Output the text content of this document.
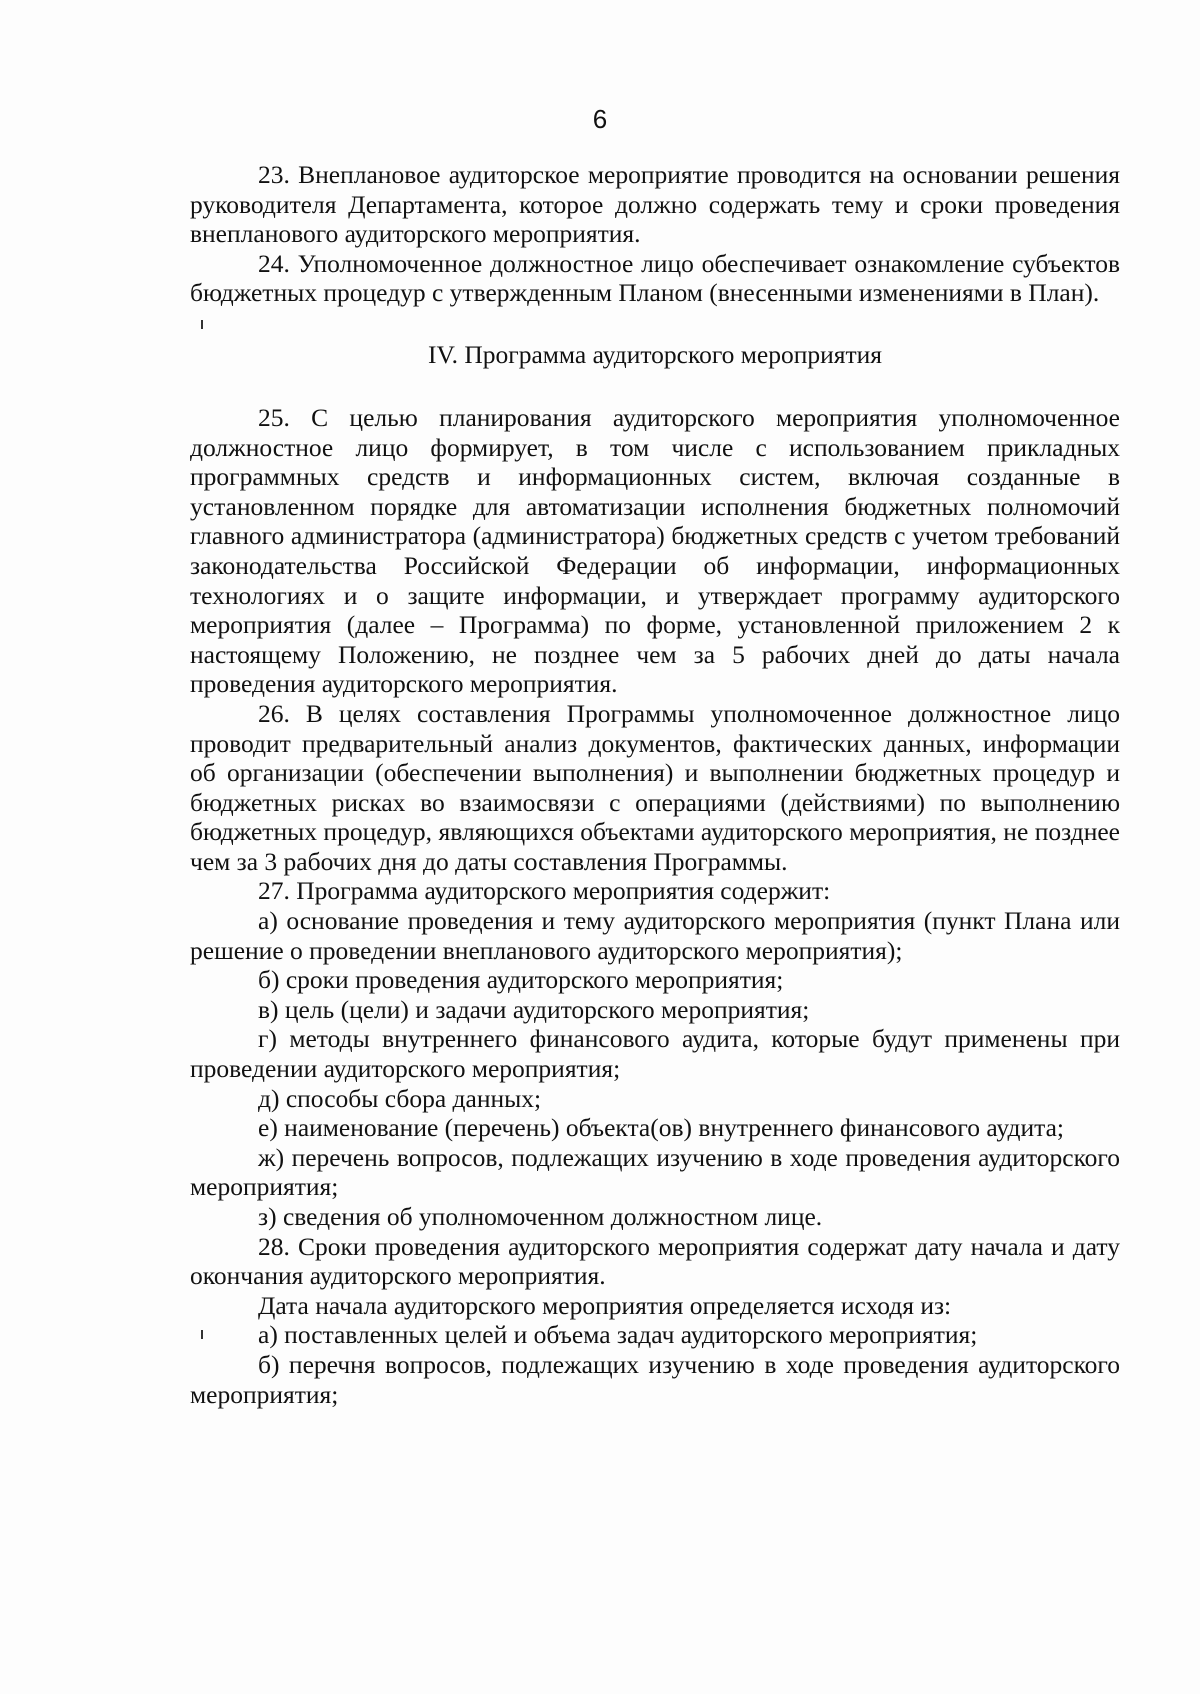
6

23. Внеплановое аудиторское мероприятие проводится на основании решения руководителя Департамента, которое должно содержать тему и сроки проведения внепланового аудиторского мероприятия.

24. Уполномоченное должностное лицо обеспечивает ознакомление субъектов бюджетных процедур с утвержденным Планом (внесенными изменениями в План).

IV. Программа аудиторского мероприятия

25. С целью планирования аудиторского мероприятия уполномоченное должностное лицо формирует, в том числе с использованием прикладных программных средств и информационных систем, включая созданные в установленном порядке для автоматизации исполнения бюджетных полномочий главного администратора (администратора) бюджетных средств с учетом требований законодательства Российской Федерации об информации, информационных технологиях и о защите информации, и утверждает программу аудиторского мероприятия (далее – Программа) по форме, установленной приложением 2 к настоящему Положению, не позднее чем за 5 рабочих дней до даты начала проведения аудиторского мероприятия.

26. В целях составления Программы уполномоченное должностное лицо проводит предварительный анализ документов, фактических данных, информации об организации (обеспечении выполнения) и выполнении бюджетных процедур и бюджетных рисках во взаимосвязи с операциями (действиями) по выполнению бюджетных процедур, являющихся объектами аудиторского мероприятия, не позднее чем за 3 рабочих дня до даты составления Программы.

27. Программа аудиторского мероприятия содержит:

а) основание проведения и тему аудиторского мероприятия (пункт Плана или решение о проведении внепланового аудиторского мероприятия);

б) сроки проведения аудиторского мероприятия;

в) цель (цели) и задачи аудиторского мероприятия;

г) методы внутреннего финансового аудита, которые будут применены при проведении аудиторского мероприятия;

д) способы сбора данных;

е) наименование (перечень) объекта(ов) внутреннего финансового аудита;

ж) перечень вопросов, подлежащих изучению в ходе проведения аудиторского мероприятия;

з) сведения об уполномоченном должностном лице.

28. Сроки проведения аудиторского мероприятия содержат дату начала и дату окончания аудиторского мероприятия.

Дата начала аудиторского мероприятия определяется исходя из:

а) поставленных целей и объема задач аудиторского мероприятия;

б) перечня вопросов, подлежащих изучению в ходе проведения аудиторского мероприятия;
